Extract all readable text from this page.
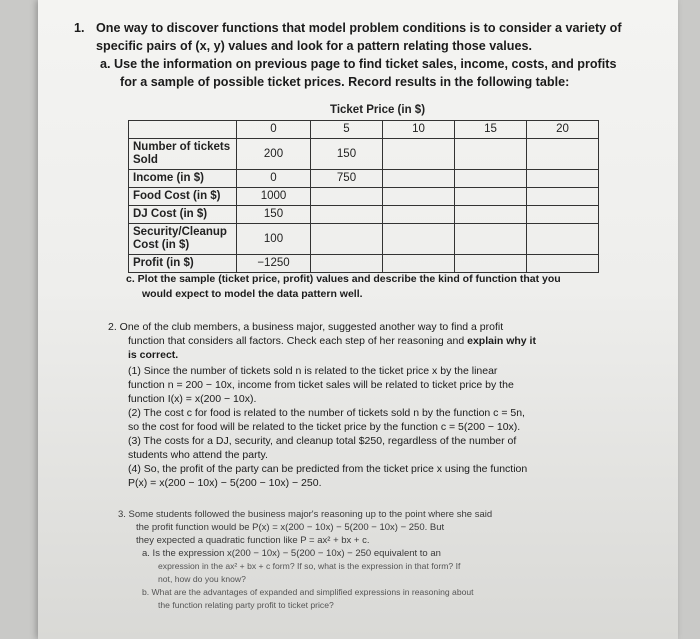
1. One way to discover functions that model problem conditions is to consider a variety of
specific pairs of (x, y) values and look for a pattern relating those values.
a. Use the information on previous page to find ticket sales, income, costs, and profits
for a sample of possible ticket prices. Record results in the following table:
Ticket Price (in $)
	0	5	10	15	20
Number of tickets Sold	200	150			
Income (in $)	0	750			
Food Cost (in $)	1000				
DJ Cost (in $)	150				
Security/Cleanup Cost (in $)	100				
Profit (in $)	−1250				
c. Plot the sample (ticket price, profit) values and describe the kind of function that you
would expect to model the data pattern well.
2. One of the club members, a business major, suggested another way to find a profit
function that considers all factors. Check each step of her reasoning and explain why it
is correct.
(1) Since the number of tickets sold n is related to the ticket price x by the linear
function n = 200 − 10x, income from ticket sales will be related to ticket price by the
function I(x) = x(200 − 10x).
(2) The cost c for food is related to the number of tickets sold n by the function c = 5n,
so the cost for food will be related to the ticket price by the function c = 5(200 − 10x).
(3) The costs for a DJ, security, and cleanup total $250, regardless of the number of
students who attend the party.
(4) So, the profit of the party can be predicted from the ticket price x using the function
P(x) = x(200 − 10x) − 5(200 − 10x) − 250.
3. Some students followed the business major's reasoning up to the point where she said
the profit function would be P(x) = x(200 − 10x) − 5(200 − 10x) − 250. But
they expected a quadratic function like P = ax² + bx + c.
a. Is the expression x(200 − 10x) − 5(200 − 10x) − 250 equivalent to an
expression in the ax² + bx + c form? If so, what is the expression in that form? If
not, how do you know?
b. What are the advantages of expanded and simplified expressions in reasoning about
the function relating party profit to ticket price?
